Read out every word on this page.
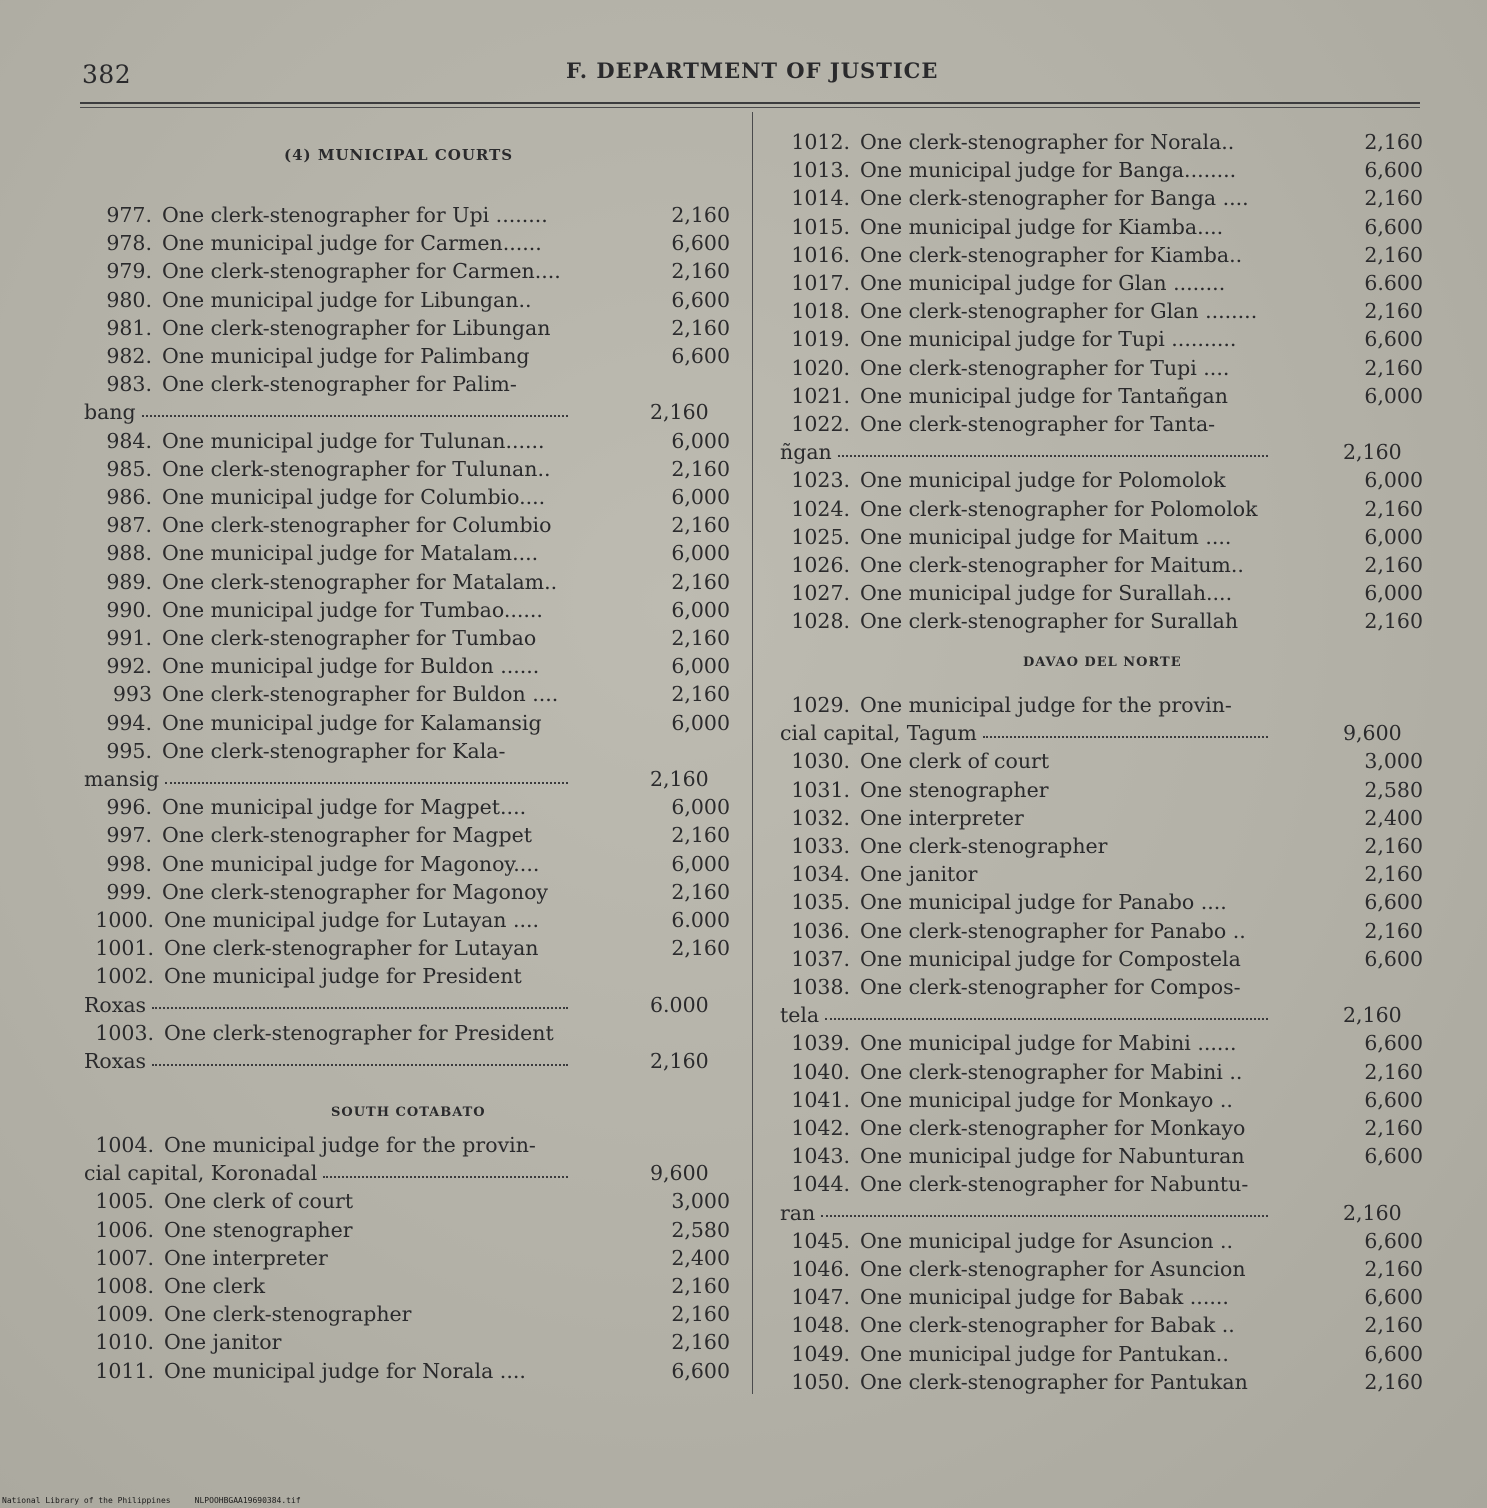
382	F. DEPARTMENT OF JUSTICE
(4) MUNICIPAL COURTS
977. One clerk-stenographer for Upi ........	2,160
978. One municipal judge for Carmen......	6,600
979. One clerk-stenographer for Carmen....	2,160
980. One municipal judge for Libungan..	6,600
981. One clerk-stenographer for Libungan	2,160
982. One municipal judge for Palimbang	6,600
983. One clerk-stenographer for Palim-
bang	2,160
984. One municipal judge for Tulunan......	6,000
985. One clerk-stenographer for Tulunan..	2,160
986. One municipal judge for Columbio....	6,000
987. One clerk-stenographer for Columbio	2,160
988. One municipal judge for Matalam....	6,000
989. One clerk-stenographer for Matalam..	2,160
990. One municipal judge for Tumbao......	6,000
991. One clerk-stenographer for Tumbao	2,160
992. One municipal judge for Buldon ......	6,000
993 One clerk-stenographer for Buldon ....	2,160
994. One municipal judge for Kalamansig	6,000
995. One clerk-stenographer for Kala-
mansig	2,160
996. One municipal judge for Magpet....	6,000
997. One clerk-stenographer for Magpet	2,160
998. One municipal judge for Magonoy....	6,000
999. One clerk-stenographer for Magonoy	2,160
1000. One municipal judge for Lutayan ....	6.000
1001. One clerk-stenographer for Lutayan	2,160
1002. One municipal judge for President
Roxas	6.000
1003. One clerk-stenographer for President
Roxas	2,160
1004. One municipal judge for the provin-
cial capital, Koronadal	9,600
1005. One clerk of court	3,000
1006. One stenographer	2,580
1007. One interpreter	2,400
1008. One clerk	2,160
1009. One clerk-stenographer	2,160
1010. One janitor	2,160
1011. One municipal judge for Norala ....	6,600
1012. One clerk-stenographer for Norala..	2,160
1013. One municipal judge for Banga........	6,600
1014. One clerk-stenographer for Banga ....	2,160
1015. One municipal judge for Kiamba....	6,600
1016. One clerk-stenographer for Kiamba..	2,160
1017. One municipal judge for Glan ........	6.600
1018. One clerk-stenographer for Glan ........	2,160
1019. One municipal judge for Tupi ..........	6,600
1020. One clerk-stenographer for Tupi ....	2,160
1021. One municipal judge for Tantañgan	6,000
1022. One clerk-stenographer for Tanta-
ñgan	2,160
1023. One municipal judge for Polomolok	6,000
1024. One clerk-stenographer for Polomolok	2,160
1025. One municipal judge for Maitum ....	6,000
1026. One clerk-stenographer for Maitum..	2,160
1027. One municipal judge for Surallah....	6,000
1028. One clerk-stenographer for Surallah	2,160
1029. One municipal judge for the provin-
cial capital, Tagum	9,600
1030. One clerk of court	3,000
1031. One stenographer	2,580
1032. One interpreter	2,400
1033. One clerk-stenographer	2,160
1034. One janitor	2,160
1035. One municipal judge for Panabo ....	6,600
1036. One clerk-stenographer for Panabo ..	2,160
1037. One municipal judge for Compostela	6,600
1038. One clerk-stenographer for Compos-
tela	2,160
1039. One municipal judge for Mabini ......	6,600
1040. One clerk-stenographer for Mabini ..	2,160
1041. One municipal judge for Monkayo ..	6,600
1042. One clerk-stenographer for Monkayo	2,160
1043. One municipal judge for Nabunturan	6,600
1044. One clerk-stenographer for Nabuntu-
ran	2,160
1045. One municipal judge for Asuncion ..	6,600
1046. One clerk-stenographer for Asuncion	2,160
1047. One municipal judge for Babak ......	6,600
1048. One clerk-stenographer for Babak ..	2,160
1049. One municipal judge for Pantukan..	6,600
1050. One clerk-stenographer for Pantukan	2,160
SOUTH COTABATO
DAVAO DEL NORTE
National Library of the Philippines	NLPOOHBGAA19690384.tif
